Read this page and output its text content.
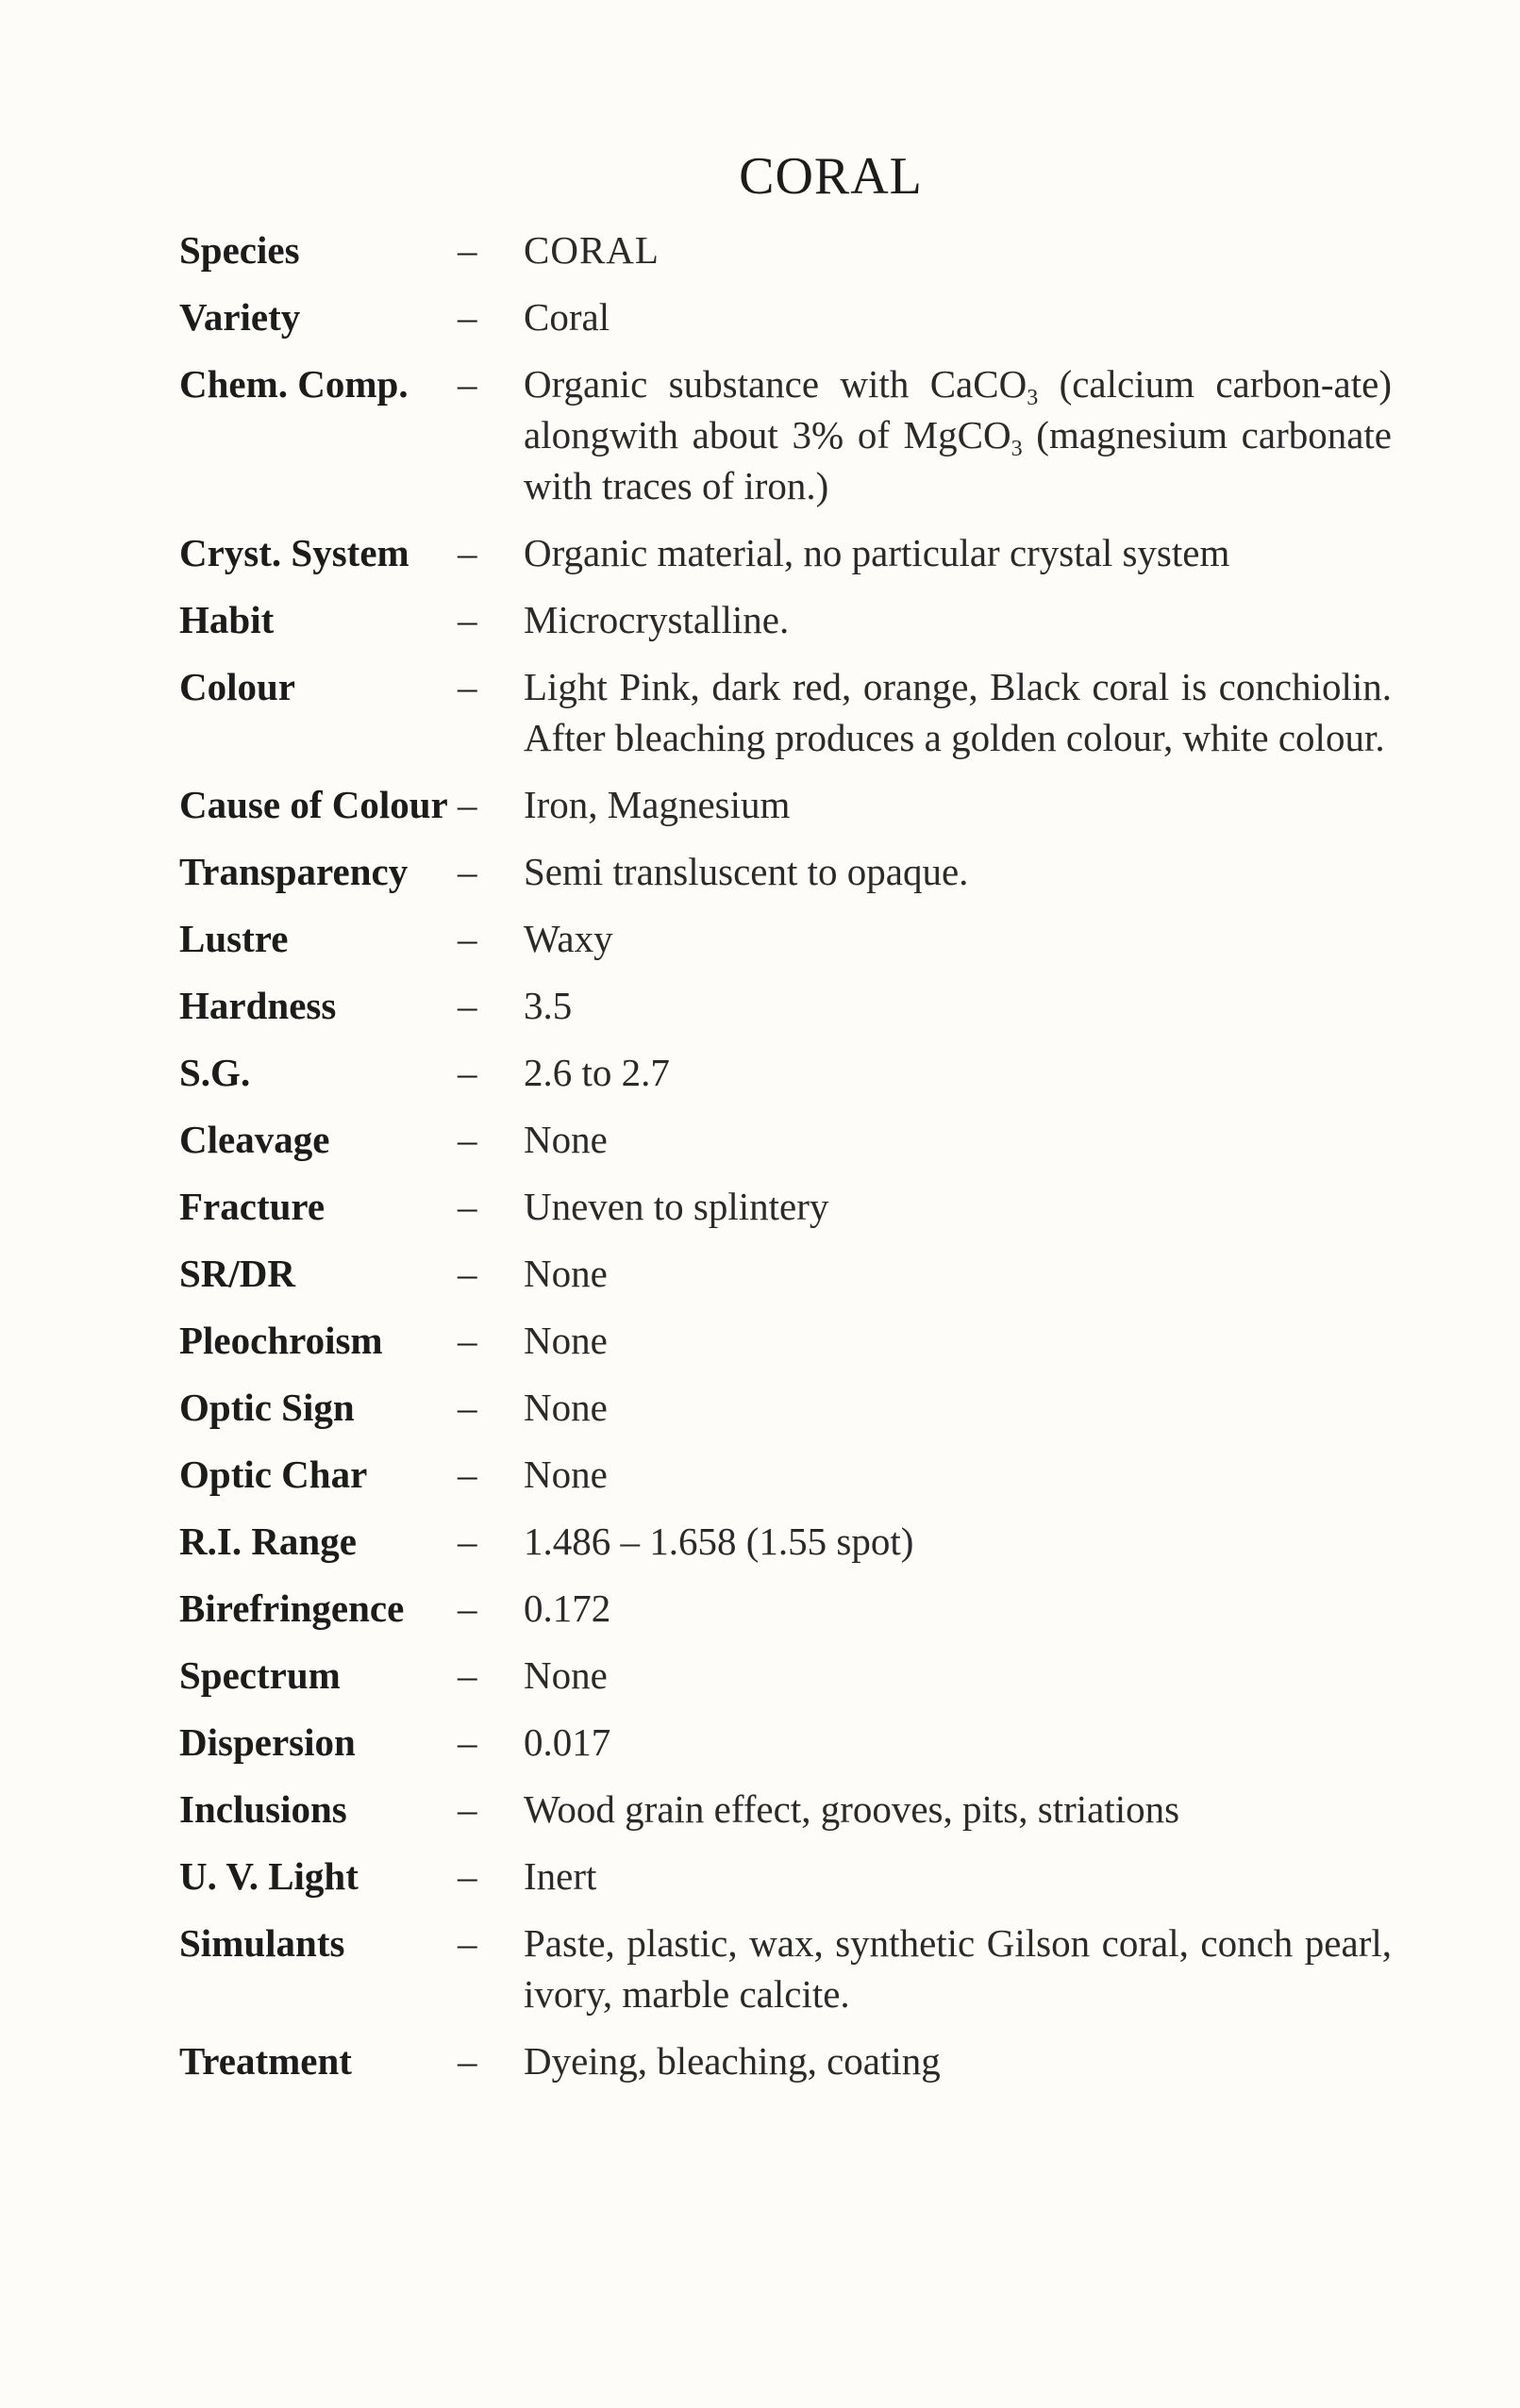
CORAL
Species	–	CORAL
Variety	–	Coral
Chem. Comp.	–	Organic substance with CaCO$_3$ (calcium carbon-ate) alongwith about 3% of MgCO$_3$ (magnesium carbonate with traces of iron.)
Cryst. System	–	Organic material, no particular crystal system
Habit	–	Microcrystalline.
Colour	–	Light Pink, dark red, orange, Black coral is conchiolin. After bleaching produces a golden colour, white colour.
Cause of Colour –	Iron, Magnesium
Transparency	–	Semi transluscent to opaque.
Lustre	–	Waxy
Hardness	–	3.5
S.G.	–	2.6 to 2.7
Cleavage	–	None
Fracture	–	Uneven to splintery
SR/DR	–	None
Pleochroism	–	None
Optic Sign	–	None
Optic Char	–	None
R.I. Range	–	1.486 – 1.658 (1.55 spot)
Birefringence	–	0.172
Spectrum	–	None
Dispersion	–	0.017
Inclusions	–	Wood grain effect, grooves, pits, striations
U. V. Light	–	Inert
Simulants	–	Paste, plastic, wax, synthetic Gilson coral, conch pearl, ivory, marble calcite.
Treatment	–	Dyeing, bleaching, coating
